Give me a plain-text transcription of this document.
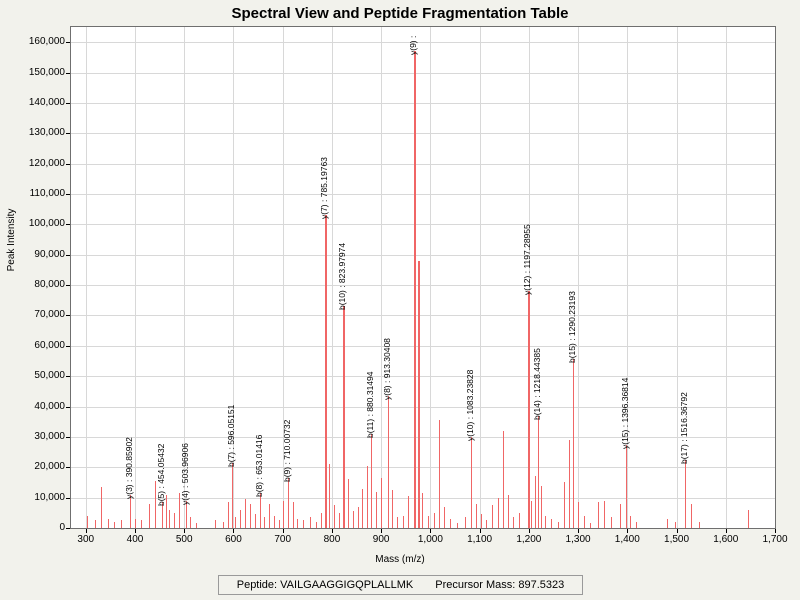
Spectral View and Peptide Fragmentation Table
Peak Intensity
y(3) : 390.85902 b(5) : 454.05432 y(4) : 503.96906
b(7) : 596.05151 b(8) : 653.01416 b(9) : 710.00732
y(7) : 785.19763
b(10) : 823.97974
b(11) : 880.31494
y(8) : 913.30408
y(9) :
y(10) : 1083.23828
y(12) : 1197.28955
b(14) : 1218.44385
b(15) : 1290.23193
y(15) : 1396.36814	b(17) : 1516.36792
0
10,000
20,000
30,000
40,000
50,000
60,000
70,000
80,000
90,000
100,000
110,000
120,000
130,000
140,000
150,000
160,000
300	400	500	600	700	800	900	1,000	1,100	1,200	1,300	1,400	1,500	1,600	1,700
Mass (m/z)
Peptide: VAILGAAGGIGQPLALLMK Precursor Mass: 897.5323
